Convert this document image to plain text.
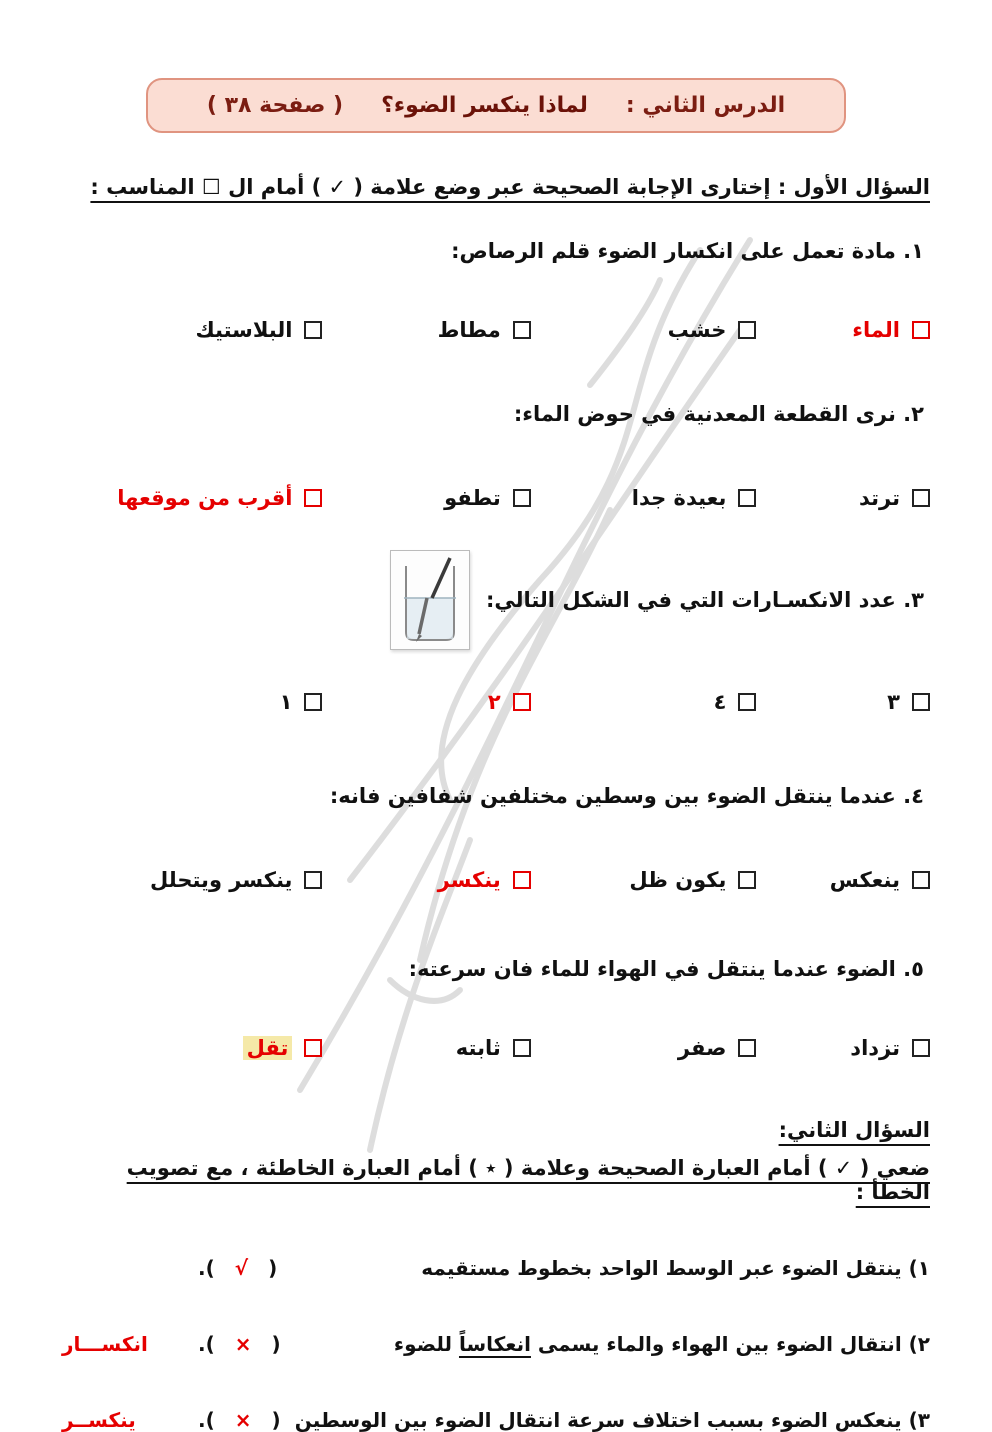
الدرس الثاني :
لماذا ينكسر الضوء؟
( صفحة ٣٨ )
السؤال الأول : إختارى الإجابة الصحيحة عبر وضع علامة ( ✓ ) أمام ال ☐ المناسب :
١. مادة تعمل على انكسار الضوء قلم الرصاص:
الماء
خشب
مطاط
البلاستيك
٢. نرى القطعة المعدنية في حوض الماء:
ترتد
بعيدة جدا
تطفو
أقرب من موقعها
٣. عدد الانكسـارات التي في الشكل التالي:
٣
٤
٢
١
٤. عندما ينتقل الضوء بين وسطين مختلفين شفافين فانه:
ينعكس
يكون ظل
ينكسر
ينكسر ويتحلل
٥. الضوء عندما ينتقل في الهواء للماء فان سرعته:
تزداد
صفر
ثابته
تقل
السؤال الثاني:
ضعي ( ✓ ) أمام العبارة الصحيحة وعلامة ( ٭ ) أمام العبارة الخاطئة ، مع تصويب الخطأ :
١)

ينتقل الضوء عبر الوسط الواحد بخطوط مستقيمه
(
√
).
٢)

انتقال الضوء بين الهواء والماء يسمى انعكاساً للضوء
(
×
).
انكســـار
٣)

ينعكس الضوء بسبب اختلاف سرعة انتقال الضوء بين الوسطين
(
×
).
ينكســر
